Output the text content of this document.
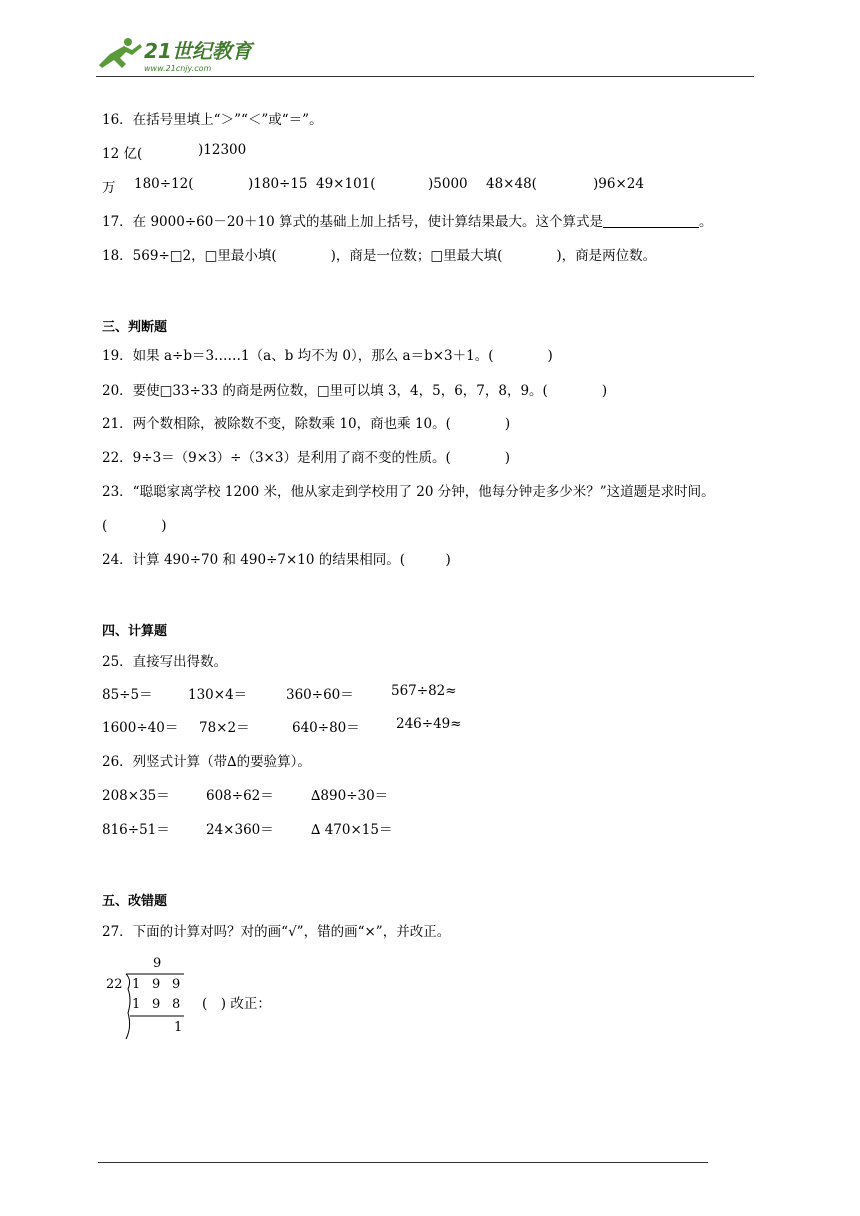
21世纪教育
www.21cnjy.com
16．在括号里填上“＞”“＜”或“＝”。
12 亿(	)12300
万 180÷12(	)180÷15 49×101(	)5000 48×48(	)96×24
17．在 9000÷60－20＋10 算式的基础上加上括号，使计算结果最大。这个算式是	。
18．569÷□2，□里最小填(　　　　)，商是一位数；□里最大填(　　　　)，商是两位数。
三、判断题
19．如果 a÷b＝3……1（a、b 均不为 0），那么 a＝b×3＋1。(　　　　)
20．要使□33÷33 的商是两位数，□里可以填 3，4，5，6，7，8，9。(　　　　)
21．两个数相除，被除数不变，除数乘 10，商也乘 10。(　　　　)
22．9÷3＝（9×3）÷（3×3）是利用了商不变的性质。(　　　　)
23．“聪聪家离学校 1200 米，他从家走到学校用了 20 分钟，他每分钟走多少米？”这道题是求时间。
(　　　　)
24．计算 490÷70 和 490÷7×10 的结果相同。(　　　)
四、计算题
25．直接写出得数。
85÷5＝	130×4＝	360÷60＝	567÷82≈
1600÷40＝ 78×2＝	640÷80＝	246÷49≈
26．列竖式计算（带∆的要验算）。
208×35＝	608÷62＝	∆890÷30＝
816÷51＝	24×360＝	∆ 470×15＝
五、改错题
27．下面的计算对吗？对的画“√”，错的画“×”，并改正。
9
22 1 9 9
1 9 8
1
(　) 改正：
